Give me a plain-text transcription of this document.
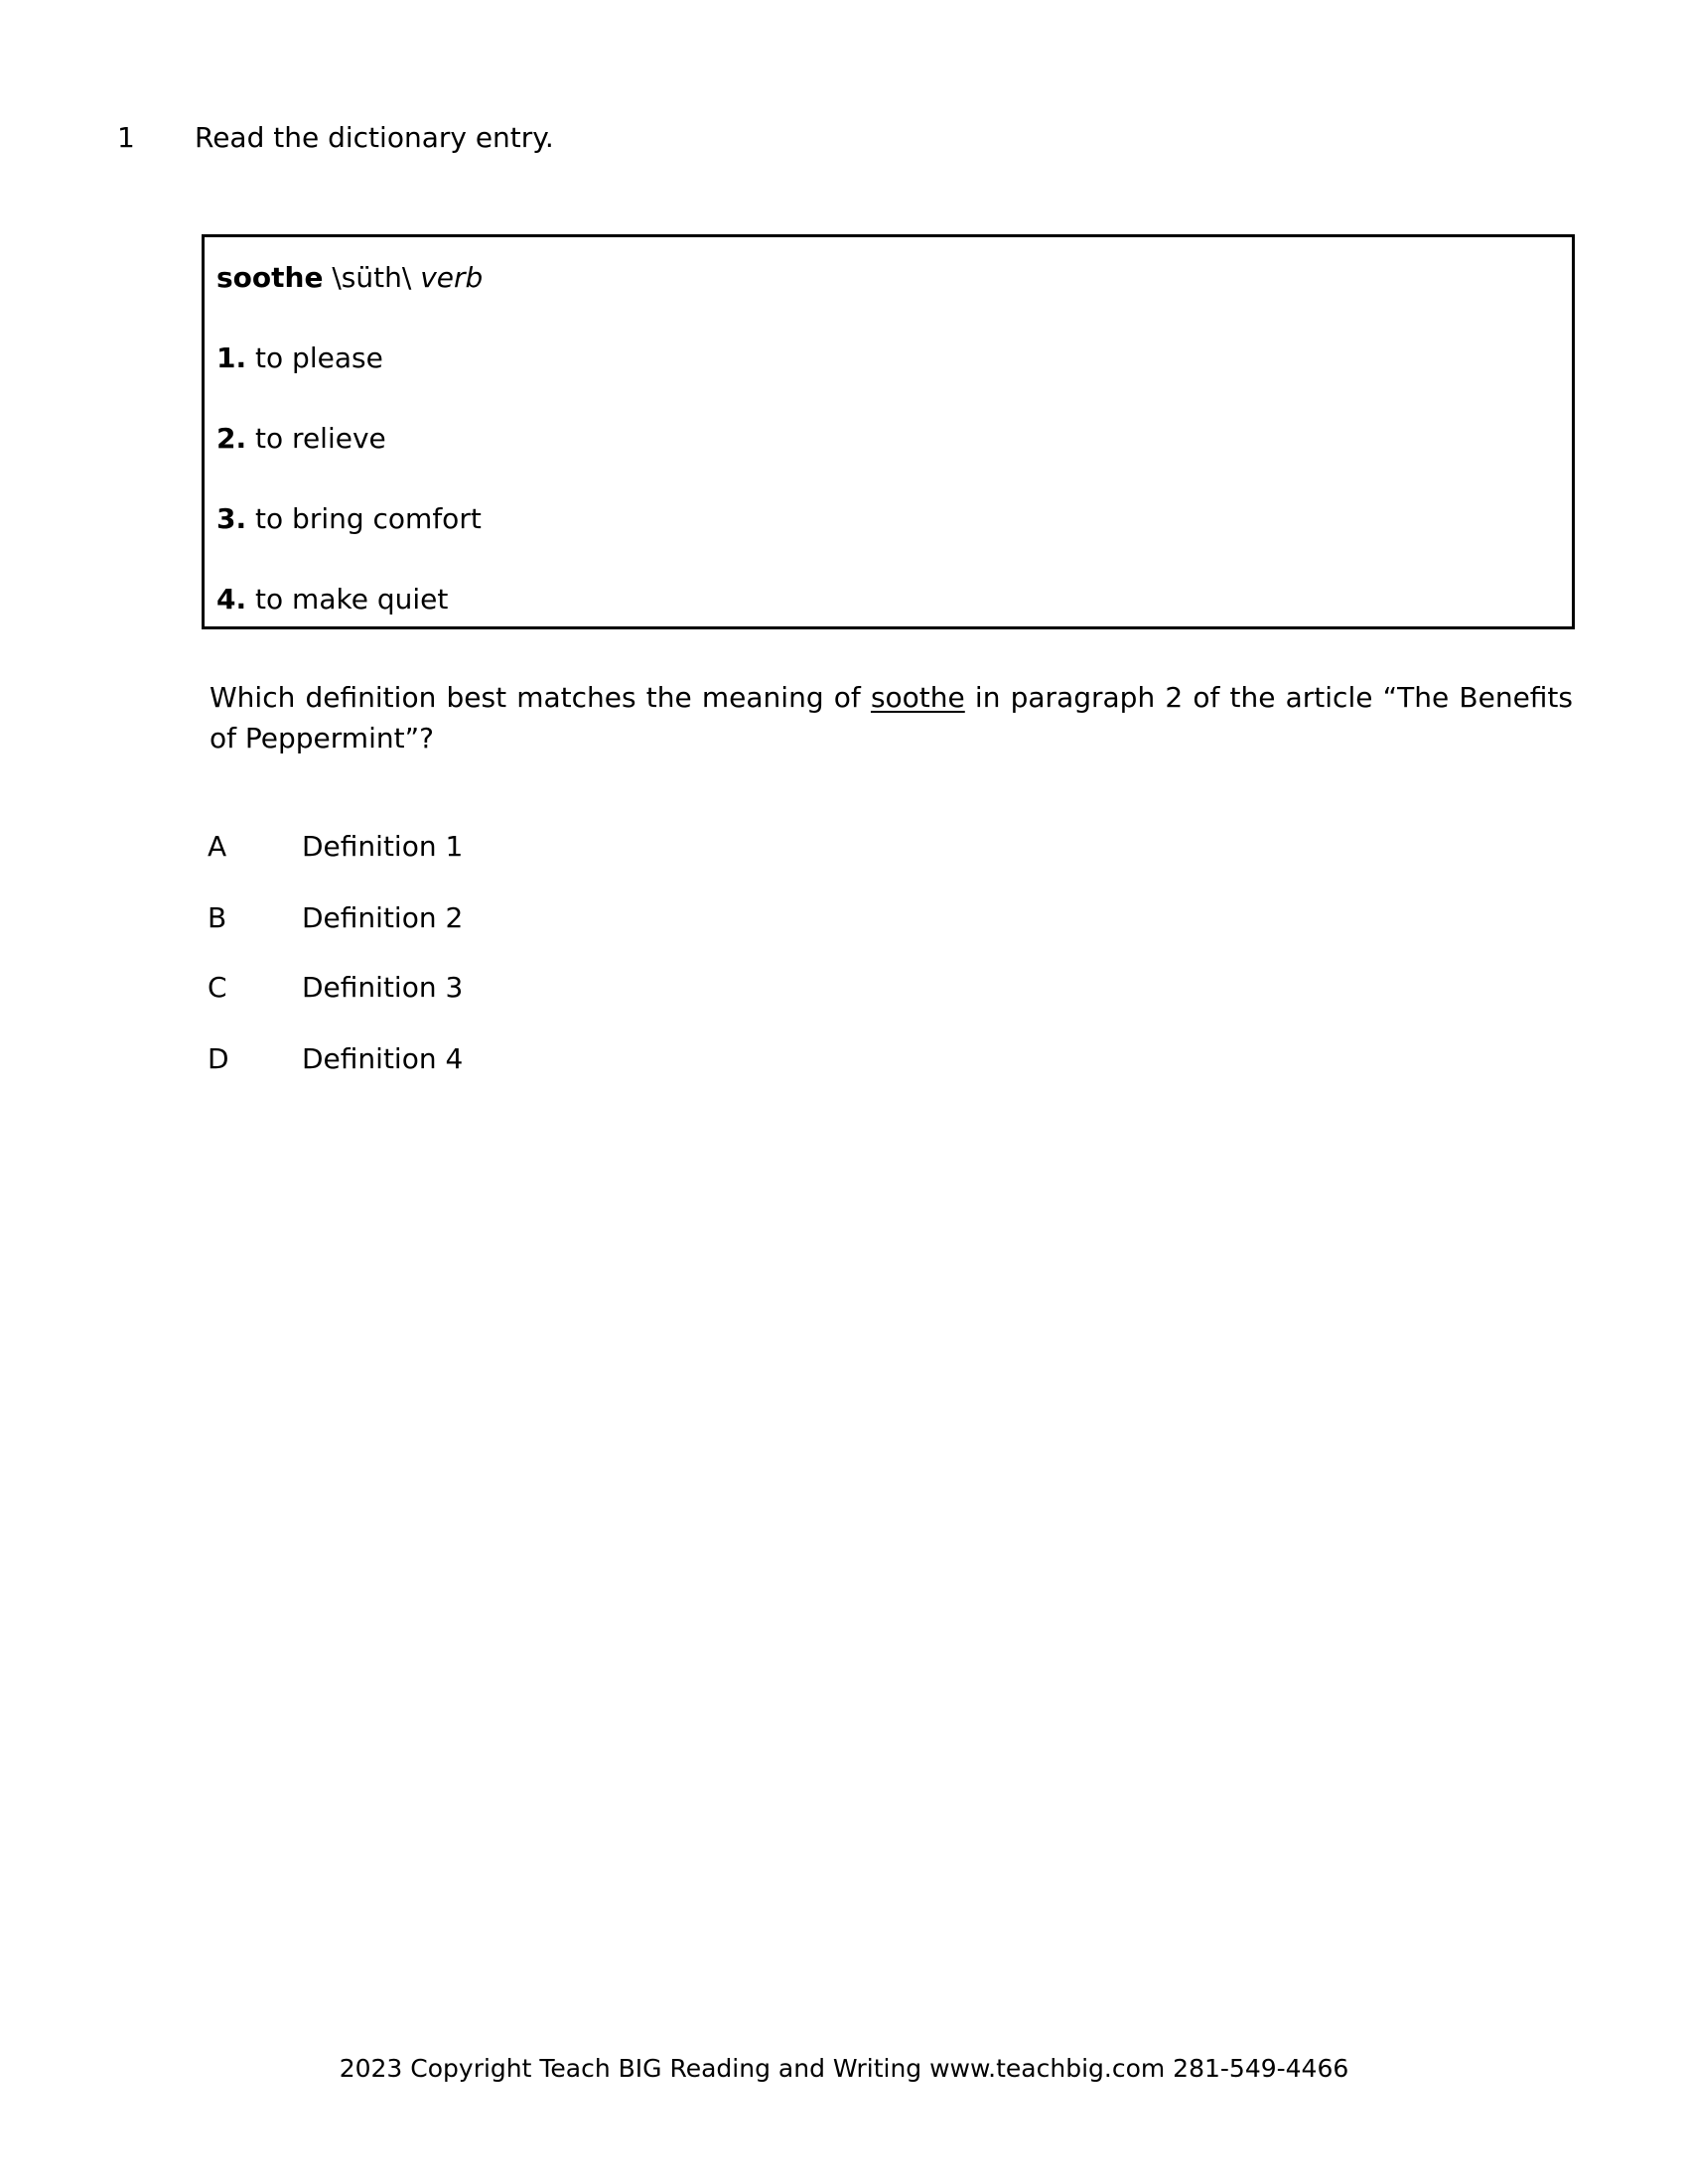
1 Read the dictionary entry.
soothe \süth\ verb
1. to please
2. to relieve
3. to bring comfort
4. to make quiet

Which definition best matches the meaning of soothe in paragraph 2 of the article “The Benefits of Peppermint”?

A	Definition 1
B	Definition 2
C	Definition 3
D	Definition 4
2023 Copyright Teach BIG Reading and Writing www.teachbig.com 281-549-4466
